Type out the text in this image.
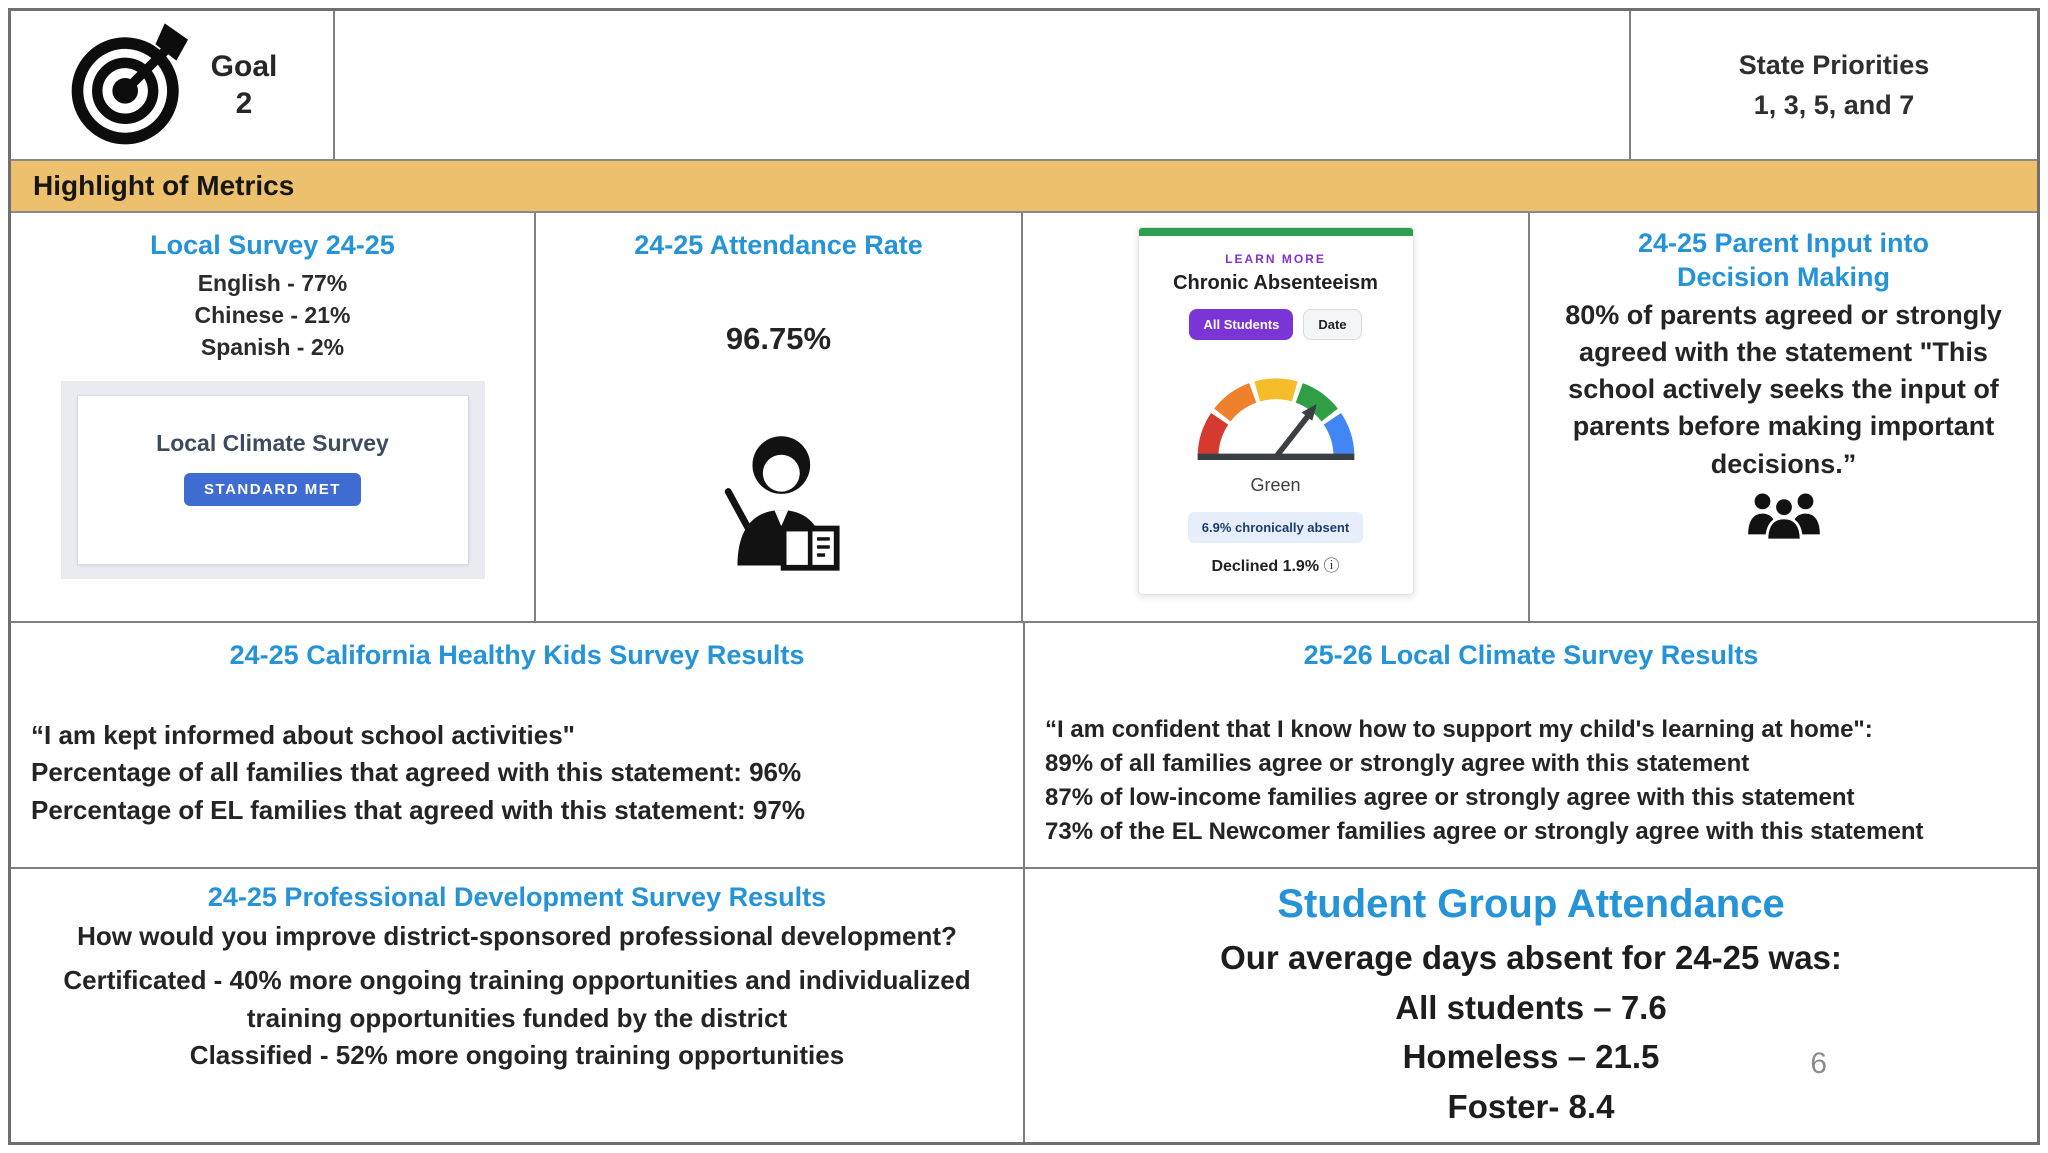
Goal
2
Create equitable engagement opportunities for rigorous academic and social-emotional success for all students through innovative, inclusive, and responsive instruction and support.
State Priorities
1, 3, 5, and 7
Highlight of Metrics
Local Survey 24-25
English - 77%
Chinese - 21%
Spanish - 2%
Local Climate Survey
STANDARD MET
24-25 Attendance Rate
96.75%
LEARN MORE
Chronic Absenteeism
All Students	Date
Green
6.9% chronically absent
Declined 1.9% ⓘ
24-25 Parent Input into
Decision Making
80% of parents agreed or strongly agreed with the statement "This school actively seeks the input of parents before making important decisions.”
24-25 California Healthy Kids Survey Results
“I am kept informed about school activities"
Percentage of all families that agreed with this statement: 96%
Percentage of EL families that agreed with this statement: 97%
25-26 Local Climate Survey Results
“I am confident that I know how to support my child's learning at home":
89% of all families agree or strongly agree with this statement
87% of low-income families agree or strongly agree with this statement
73% of the EL Newcomer families agree or strongly agree with this statement
24-25 Professional Development Survey Results
How would you improve district-sponsored professional development?
Certificated - 40% more ongoing training opportunities and individualized training opportunities funded by the district
Classified - 52% more ongoing training opportunities
Student Group Attendance
Our average days absent for 24-25 was:
All students – 7.6
Homeless – 21.5
Foster- 8.4
6
